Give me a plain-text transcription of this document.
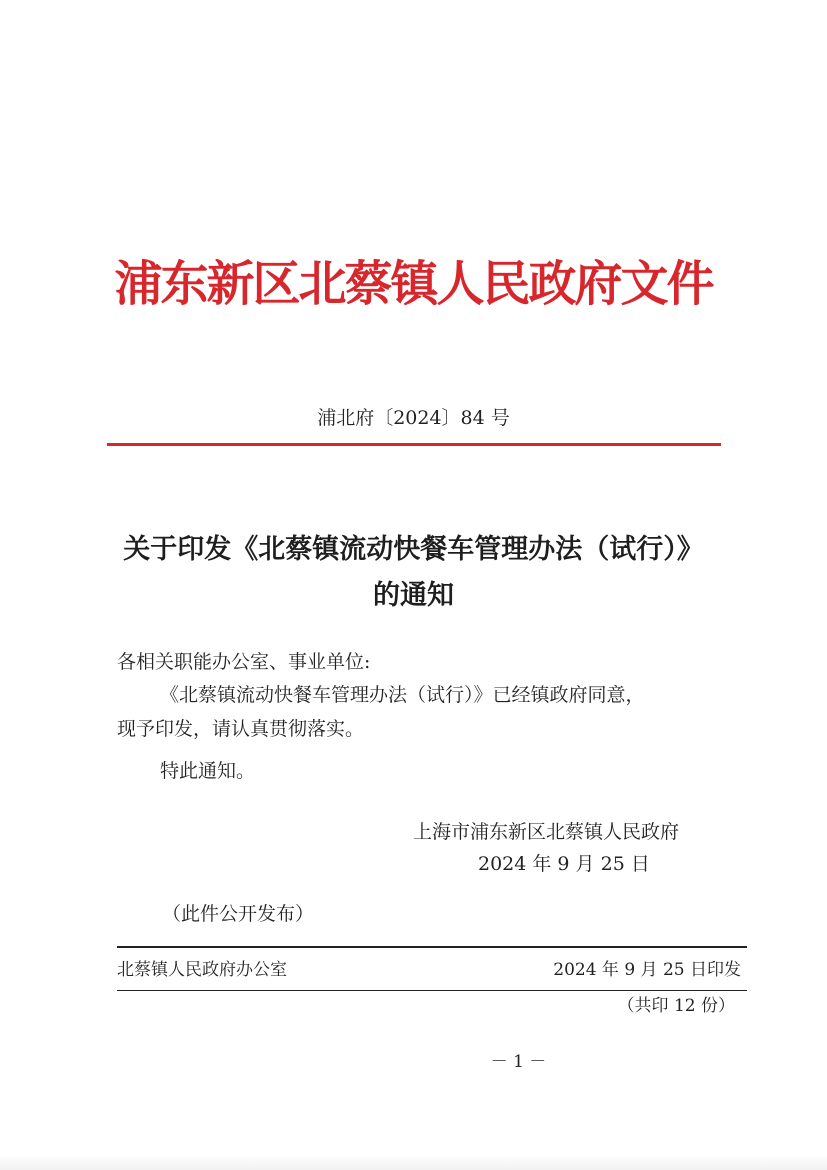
浦东新区北蔡镇人民政府文件
浦北府〔2024〕84 号
关于印发《北蔡镇流动快餐车管理办法（试行）》
的通知
各相关职能办公室、事业单位:
《北蔡镇流动快餐车管理办法（试行）》已经镇政府同意，
现予印发，请认真贯彻落实。
特此通知。
上海市浦东新区北蔡镇人民政府
2024 年 9 月 25 日
（此件公开发布）
北蔡镇人民政府办公室	2024 年 9 月 25 日印发
（共印 12 份）
－ 1 －
